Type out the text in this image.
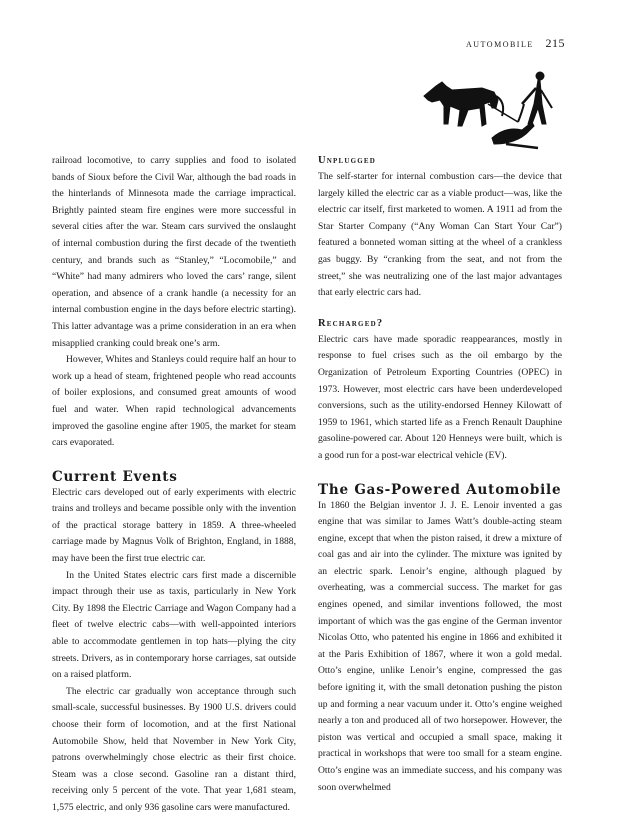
automobile 215

railroad locomotive, to carry supplies and food to isolated bands of Sioux before the Civil War, although the bad roads in the hinterlands of Minnesota made the carriage impractical. Brightly painted steam fire engines were more successful in several cities after the war. Steam cars survived the onslaught of internal combustion during the first decade of the twentieth century, and brands such as “Stanley,” “Locomobile,” and “White” had many admirers who loved the cars’ range, silent operation, and absence of a crank handle (a necessity for an internal combustion engine in the days before electric starting). This latter advantage was a prime consideration in an era when misapplied cranking could break one’s arm.

However, Whites and Stanleys could require half an hour to work up a head of steam, frightened people who read accounts of boiler explosions, and consumed great amounts of wood fuel and water. When rapid technological advancements improved the gasoline engine after 1905, the market for steam cars evaporated.

Current Events

Electric cars developed out of early experiments with electric trains and trolleys and became possible only with the invention of the practical storage battery in 1859. A three-wheeled carriage made by Magnus Volk of Brighton, England, in 1888, may have been the first true electric car.

In the United States electric cars first made a discernible impact through their use as taxis, particularly in New York City. By 1898 the Electric Carriage and Wagon Company had a fleet of twelve electric cabs—with well-appointed interiors able to accommodate gentlemen in top hats—plying the city streets. Drivers, as in contemporary horse carriages, sat outside on a raised platform.

The electric car gradually won acceptance through such small-scale, successful businesses. By 1900 U.S. drivers could choose their form of locomotion, and at the first National Automobile Show, held that November in New York City, patrons overwhelmingly chose electric as their first choice. Steam was a close second. Gasoline ran a distant third, receiving only 5 percent of the vote. That year 1,681 steam, 1,575 electric, and only 936 gasoline cars were manufactured.

Unplugged

The self-starter for internal combustion cars—the device that largely killed the electric car as a viable product—was, like the electric car itself, first marketed to women. A 1911 ad from the Star Starter Company (“Any Woman Can Start Your Car”) featured a bonneted woman sitting at the wheel of a crankless gas buggy. By “cranking from the seat, and not from the street,” she was neutralizing one of the last major advantages that early electric cars had.

Recharged?

Electric cars have made sporadic reappearances, mostly in response to fuel crises such as the oil embargo by the Organization of Petroleum Exporting Countries (OPEC) in 1973. However, most electric cars have been underdeveloped conversions, such as the utility-endorsed Henney Kilowatt of 1959 to 1961, which started life as a French Renault Dauphine gasoline-powered car. About 120 Henneys were built, which is a good run for a post-war electrical vehicle (EV).

The Gas-Powered Automobile

In 1860 the Belgian inventor J. J. E. Lenoir invented a gas engine that was similar to James Watt’s double-acting steam engine, except that when the piston raised, it drew a mixture of coal gas and air into the cylinder. The mixture was ignited by an electric spark. Lenoir’s engine, although plagued by overheating, was a commercial success. The market for gas engines opened, and similar inventions followed, the most important of which was the gas engine of the German inventor Nicolas Otto, who patented his engine in 1866 and exhibited it at the Paris Exhibition of 1867, where it won a gold medal. Otto’s engine, unlike Lenoir’s engine, compressed the gas before igniting it, with the small detonation pushing the piston up and forming a near vacuum under it. Otto’s engine weighed nearly a ton and produced all of two horsepower. However, the piston was vertical and occupied a small space, making it practical in workshops that were too small for a steam engine. Otto’s engine was an immediate success, and his company was soon overwhelmed
